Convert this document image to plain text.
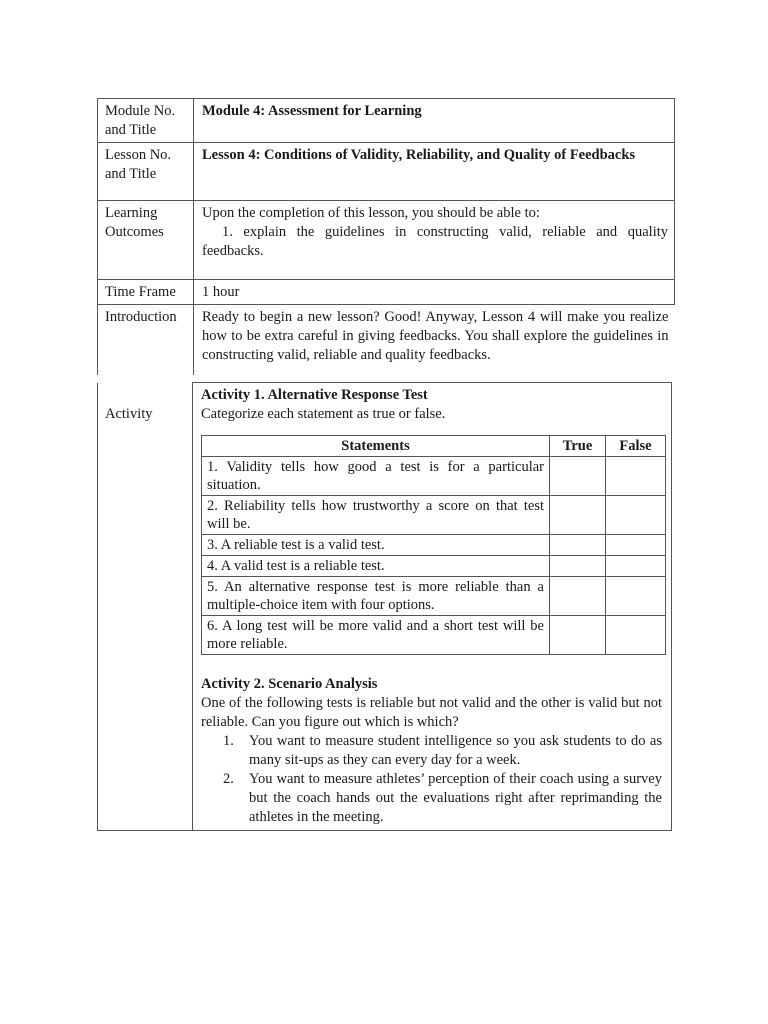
Module No. and Title	Module 4: Assessment for Learning
Lesson No. and Title	Lesson 4: Conditions of Validity, Reliability, and Quality of Feedbacks
Learning Outcomes	Upon the completion of this lesson, you should be able to:
1. explain the guidelines in constructing valid, reliable and quality feedbacks.

Time Frame	1 hour
Introduction	Ready to begin a new lesson? Good! Anyway, Lesson 4 will make you realize how to be extra careful in giving feedbacks. You shall explore the guidelines in constructing valid, reliable and quality feedbacks.
Activity	
Activity 1. Alternative Response Test
Categorize each statement as true or false.
Statements	True	False
1. Validity tells how good a test is for a particular situation.		
2. Reliability tells how trustworthy a score on that test will be.		
3. A reliable test is a valid test.		
4. A valid test is a reliable test.		
5. An alternative response test is more reliable than a multiple-choice item with four options.		
6. A long test will be more valid and a short test will be more reliable.		
Activity 2. Scenario Analysis
One of the following tests is reliable but not valid and the other is valid but not reliable. Can you figure out which is which?
1.	You want to measure student intelligence so you ask students to do as many sit-ups as they can every day for a week.
2.	You want to measure athletes’ perception of their coach using a survey but the coach hands out the evaluations right after reprimanding the athletes in the meeting.
